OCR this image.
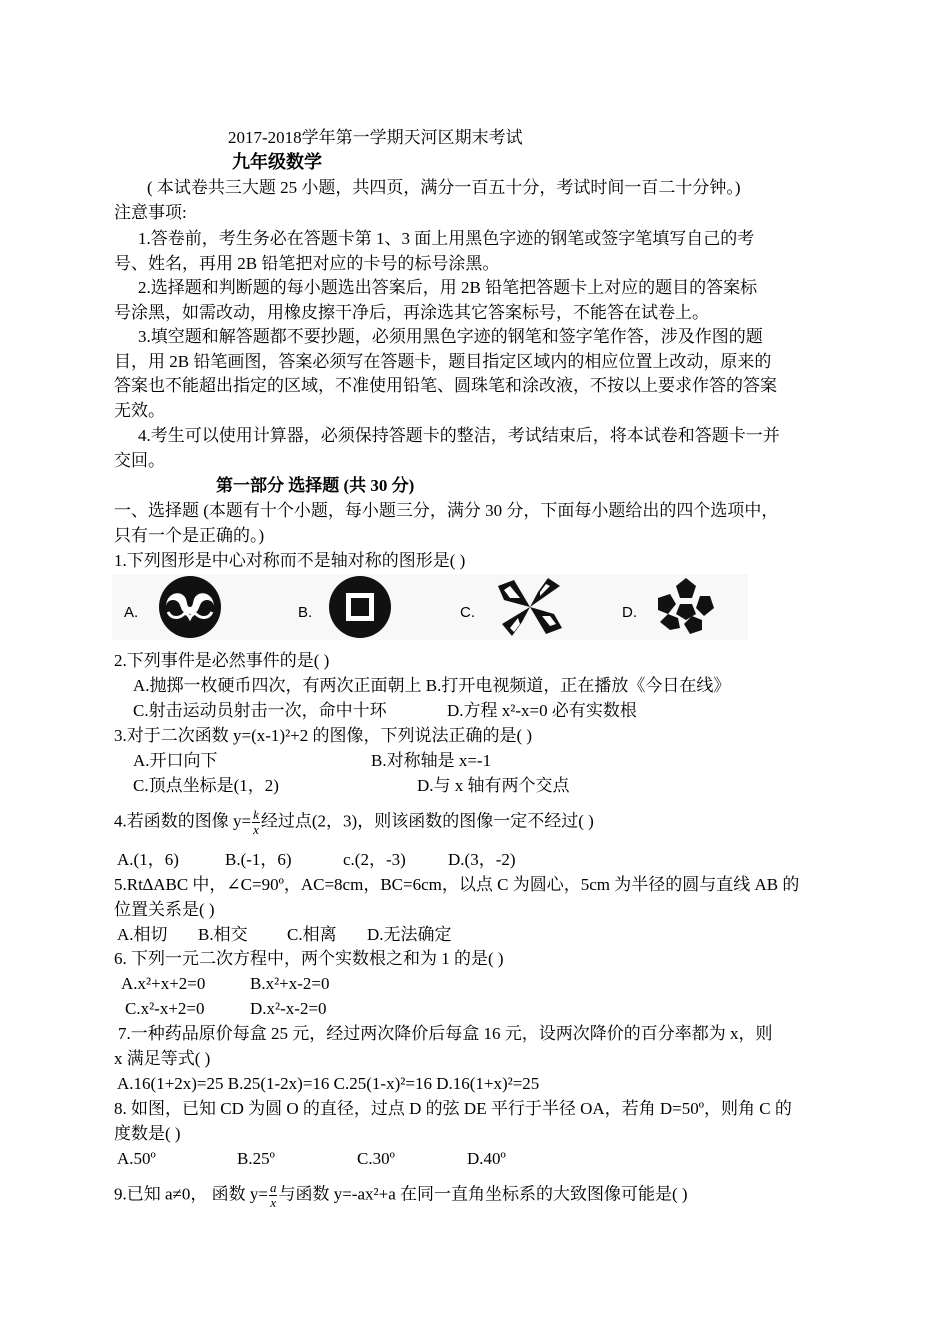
2017-2018学年第一学期天河区期末考试
九年级数学
( 本试卷共三大题 25 小题，共四页，满分一百五十分，考试时间一百二十分钟。)
注意事项:
1.答卷前，考生务必在答题卡第 1、3 面上用黑色字迹的钢笔或签字笔填写自己的考
号、姓名，再用 2B 铅笔把对应的卡号的标号涂黑。
2.选择题和判断题的每小题选出答案后，用 2B 铅笔把答题卡上对应的题目的答案标
号涂黑，如需改动，用橡皮擦干净后，再涂选其它答案标号，不能答在试卷上。
3.填空题和解答题都不要抄题，必须用黑色字迹的钢笔和签字笔作答，涉及作图的题
目，用 2B 铅笔画图，答案必须写在答题卡，题目指定区域内的相应位置上改动，原来的
答案也不能超出指定的区域，不准使用铅笔、圆珠笔和涂改液，不按以上要求作答的答案
无效。
4.考生可以使用计算器，必须保持答题卡的整洁，考试结束后，将本试卷和答题卡一并
交回。
第一部分 选择题 (共 30 分)
一、选择题 (本题有十个小题，每小题三分，满分 30 分，下面每小题给出的四个选项中，
只有一个是正确的。)
1.下列图形是中心对称而不是轴对称的图形是( )
A.	B.	C.	D.
2.下列事件是必然事件的是( )
A.抛掷一枚硬币四次，有两次正面朝上 B.打开电视频道，正在播放《今日在线》
C.射击运动员射击一次，命中十环	D.方程 x²-x=0 必有实数根
3.对于二次函数 y=(x-1)²+2 的图像，下列说法正确的是( )
A.开口向下	B.对称轴是 x=-1
C.顶点坐标是(1，2)	D.与 x 轴有两个交点
4.若函数的图像 $y= \frac{k}{x}$ 经过点(2，3)，则该函数的图像一定不经过( )
A.(1，6)	B.(-1，6)	c.(2，-3) D.(3，-2)
5.Rt∆ABC 中，∠C=90º，AC=8cm，BC=6cm，以点 C 为圆心，5cm 为半径的圆与直线 AB 的
位置关系是( )
A.相切 B.相交 C.相离 D.无法确定
6. 下列一元二次方程中，两个实数根之和为 1 的是( )
A.x²+x+2=0	B.x²+x-2=0
C.x²-x+2=0	D.x²-x-2=0
7.一种药品原价每盒 25 元，经过两次降价后每盒 16 元，设两次降价的百分率都为 x，则
x 满足等式( )
A.16(1+2x)=25 B.25(1-2x)=16 C.25(1-x)²=16 D.16(1+x)²=25
8. 如图，已知 CD 为圆 O 的直径，过点 D 的弦 DE 平行于半径 OA，若角 D=50º，则角 C 的
度数是( )
A.50º	B.25º	C.30º	D.40º
9.已知 a≠0， 函数 $y= \frac{a}{x}$ 与函数 y=-ax²+a 在同一直角坐标系的大致图像可能是( )
